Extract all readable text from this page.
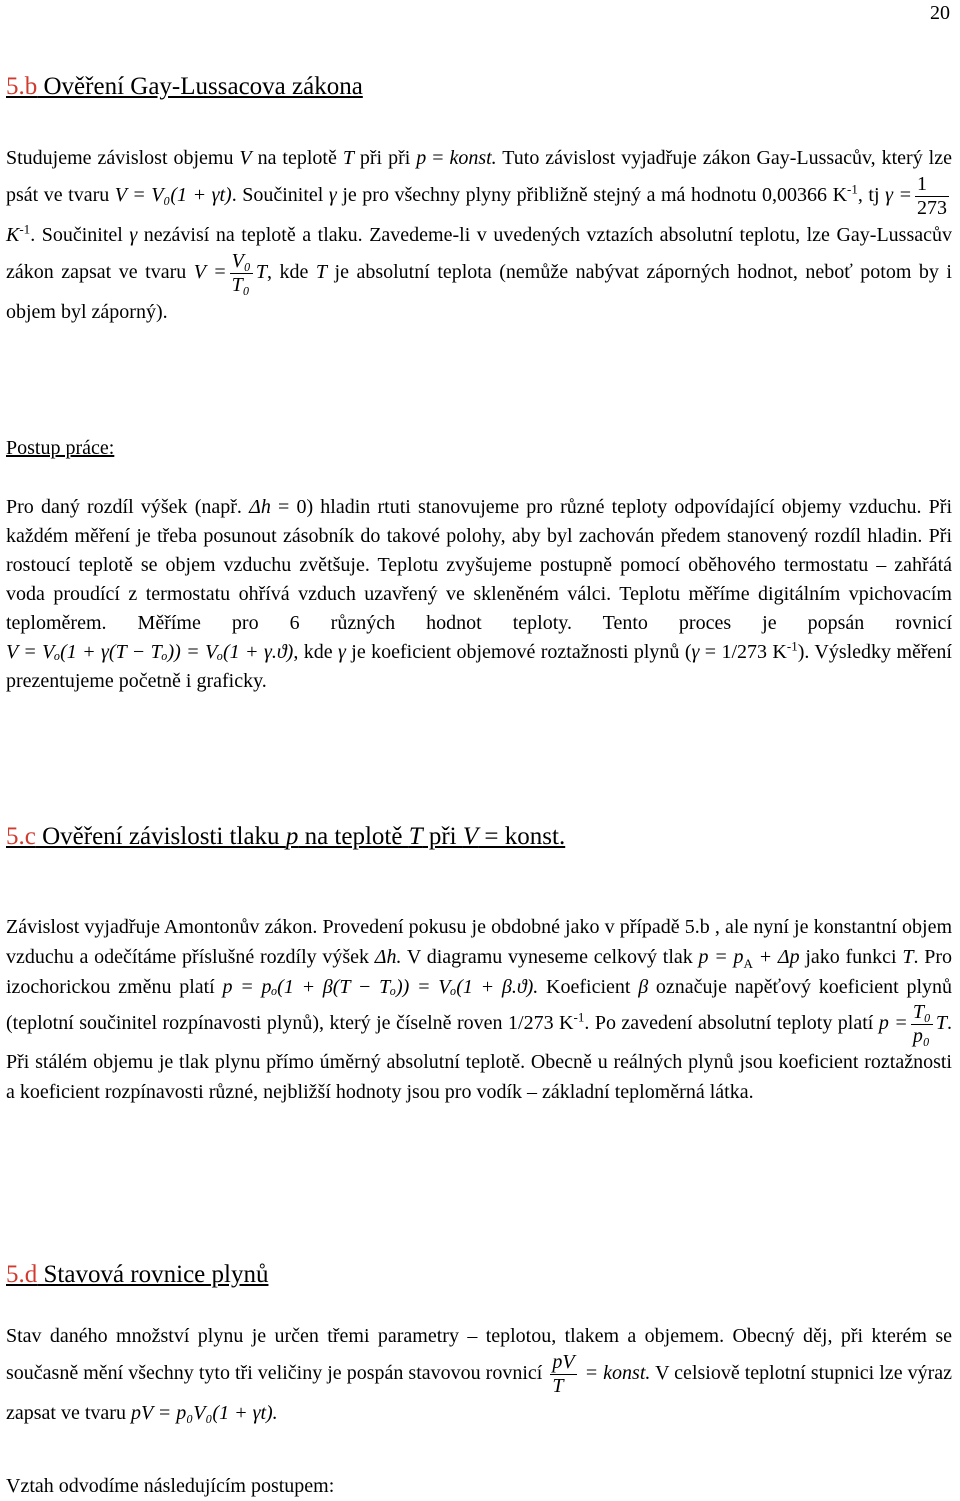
20
5.b Ověření Gay-Lussacova zákona

Studujeme závislost objemu V na teplotě T při při p = konst. Tuto závislost vyjadřuje zákon Gay-Lussacův, který lze psát ve tvaru V = V₀(1 + γt). Součinitel γ je pro všechny plyny přibližně stejný a má hodnotu 0,00366 $K^{-1}$, tj $\gamma = \frac{1}{273}$
$K^{-1}$. Součinitel γ nezávisí na teplotě a tlaku. Zavedeme-li v uvedených vztazích absolutní teplotu, lze Gay-Lussacův zákon zapsat ve tvaru $V = \frac{\text{V₀}}{\text{T₀}} T$, kde T je absolutní teplota (nemůže nabývat záporných hodnot, neboť potom by i objem byl záporný).

Postup práce:

Pro daný rozdíl výšek (např. Δh = 0) hladin rtuti stanovujeme pro různé teploty odpovídající objemy vzduchu. Při každém měření je třeba posunout zásobník do takové polohy, aby byl zachován předem stanovený rozdíl hladin. Při rostoucí teplotě se objem vzduchu zvětšuje. Teplotu zvyšujeme postupně pomocí oběhového termostatu – zahřátá voda proudící z termostatu ohřívá vzduch uzavřený ve skleněném válci. Teplotu měříme digitálním vpichovacím teploměrem. Měříme pro 6 různých hodnot teploty. Tento proces je popsán rovnicí V = Vₒ(1 + γ(T − Tₒ)) = Vₒ(1 + γ.ϑ), kde γ je koeficient objemové roztažnosti plynů (γ = 1/273 $K^{-1}$). Výsledky měření prezentujeme početně i graficky.

5.c Ověření závislosti tlaku p na teplotě T při V = konst.

Závislost vyjadřuje Amontonův zákon. Provedení pokusu je obdobné jako v případě 5.b , ale nyní je konstantní objem vzduchu a odečítáme příslušné rozdíly výšek Δh. V diagramu vyneseme celkový tlak $p = p_A + \Delta p$ jako funkci T. Pro izochorickou změnu platí p = pₒ(1 + β(T − Tₒ)) = Vₒ(1 + β.ϑ). Koeficient β označuje napěťový koeficient plynů (teplotní součinitel rozpínavosti plynů), který je číselně roven 1/273 $K^{-1}$. Po zavedení absolutní teploty platí $p = \frac{\text{T₀}}{\text{p₀}} T$. Při stálém objemu je tlak plynu přímo úměrný absolutní teplotě. Obecně u reálných plynů jsou koeficient roztažnosti a koeficient rozpínavosti různé, nejbližší hodnoty jsou pro vodík – základní teploměrná látka.

5.d Stavová rovnice plynů

Stav daného množství plynu je určen třemi parametry – teplotou, tlakem a objemem. Obecný děj, při kterém se současně mění všechny tyto tři veličiny je pospán stavovou rovnicí $\frac{pV}{T}$ = konst. V celsiově teplotní stupnici lze výraz zapsat ve tvaru pV = p₀V₀(1 + γt).

Vztah odvodíme následujícím postupem:
